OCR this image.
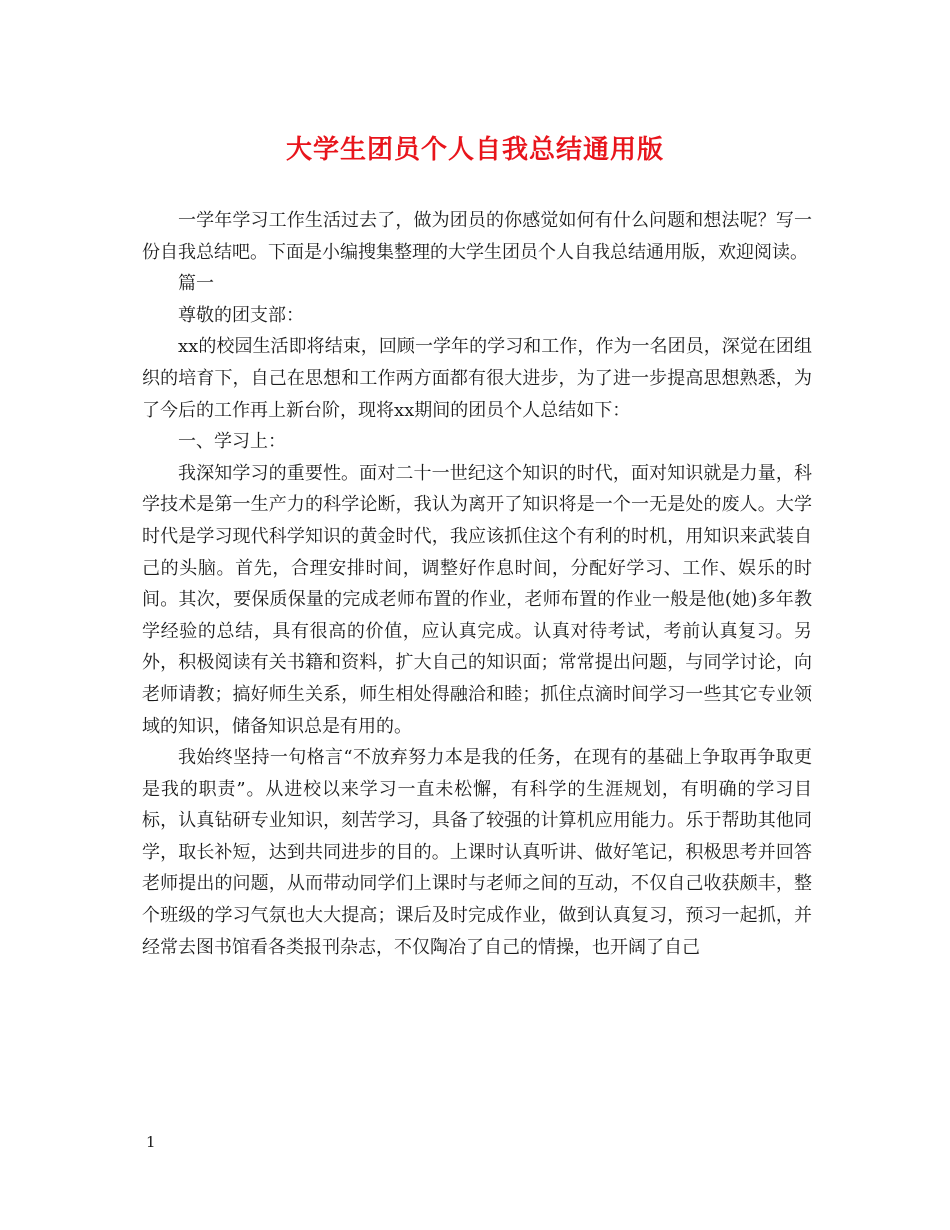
大学生团员个人自我总结通用版

一学年学习工作生活过去了，做为团员的你感觉如何有什么问题和想法呢？写一份自我总结吧。下面是小编搜集整理的大学生团员个人自我总结通用版，欢迎阅读。

篇一

尊敬的团支部：

xx的校园生活即将结束，回顾一学年的学习和工作，作为一名团员，深觉在团组织的培育下，自己在思想和工作两方面都有很大进步，为了进一步提高思想熟悉，为了今后的工作再上新台阶，现将xx期间的团员个人总结如下：

一、学习上：

我深知学习的重要性。面对二十一世纪这个知识的时代，面对知识就是力量，科学技术是第一生产力的科学论断，我认为离开了知识将是一个一无是处的废人。大学时代是学习现代科学知识的黄金时代，我应该抓住这个有利的时机，用知识来武装自己的头脑。首先，合理安排时间，调整好作息时间，分配好学习、工作、娱乐的时间。其次，要保质保量的完成老师布置的作业，老师布置的作业一般是他(她)多年教学经验的总结，具有很高的价值，应认真完成。认真对待考试，考前认真复习。另外，积极阅读有关书籍和资料，扩大自己的知识面；常常提出问题，与同学讨论，向老师请教；搞好师生关系，师生相处得融洽和睦；抓住点滴时间学习一些其它专业领域的知识，储备知识总是有用的。

我始终坚持一句格言“不放弃努力本是我的任务，在现有的基础上争取再争取更是我的职责”。从进校以来学习一直未松懈，有科学的生涯规划，有明确的学习目标，认真钻研专业知识，刻苦学习，具备了较强的计算机应用能力。乐于帮助其他同学，取长补短，达到共同进步的目的。上课时认真听讲、做好笔记，积极思考并回答老师提出的问题，从而带动同学们上课时与老师之间的互动，不仅自己收获颇丰，整个班级的学习气氛也大大提高；课后及时完成作业，做到认真复习，预习一起抓，并经常去图书馆看各类报刊杂志，不仅陶冶了自己的情操，也开阔了自己

1
